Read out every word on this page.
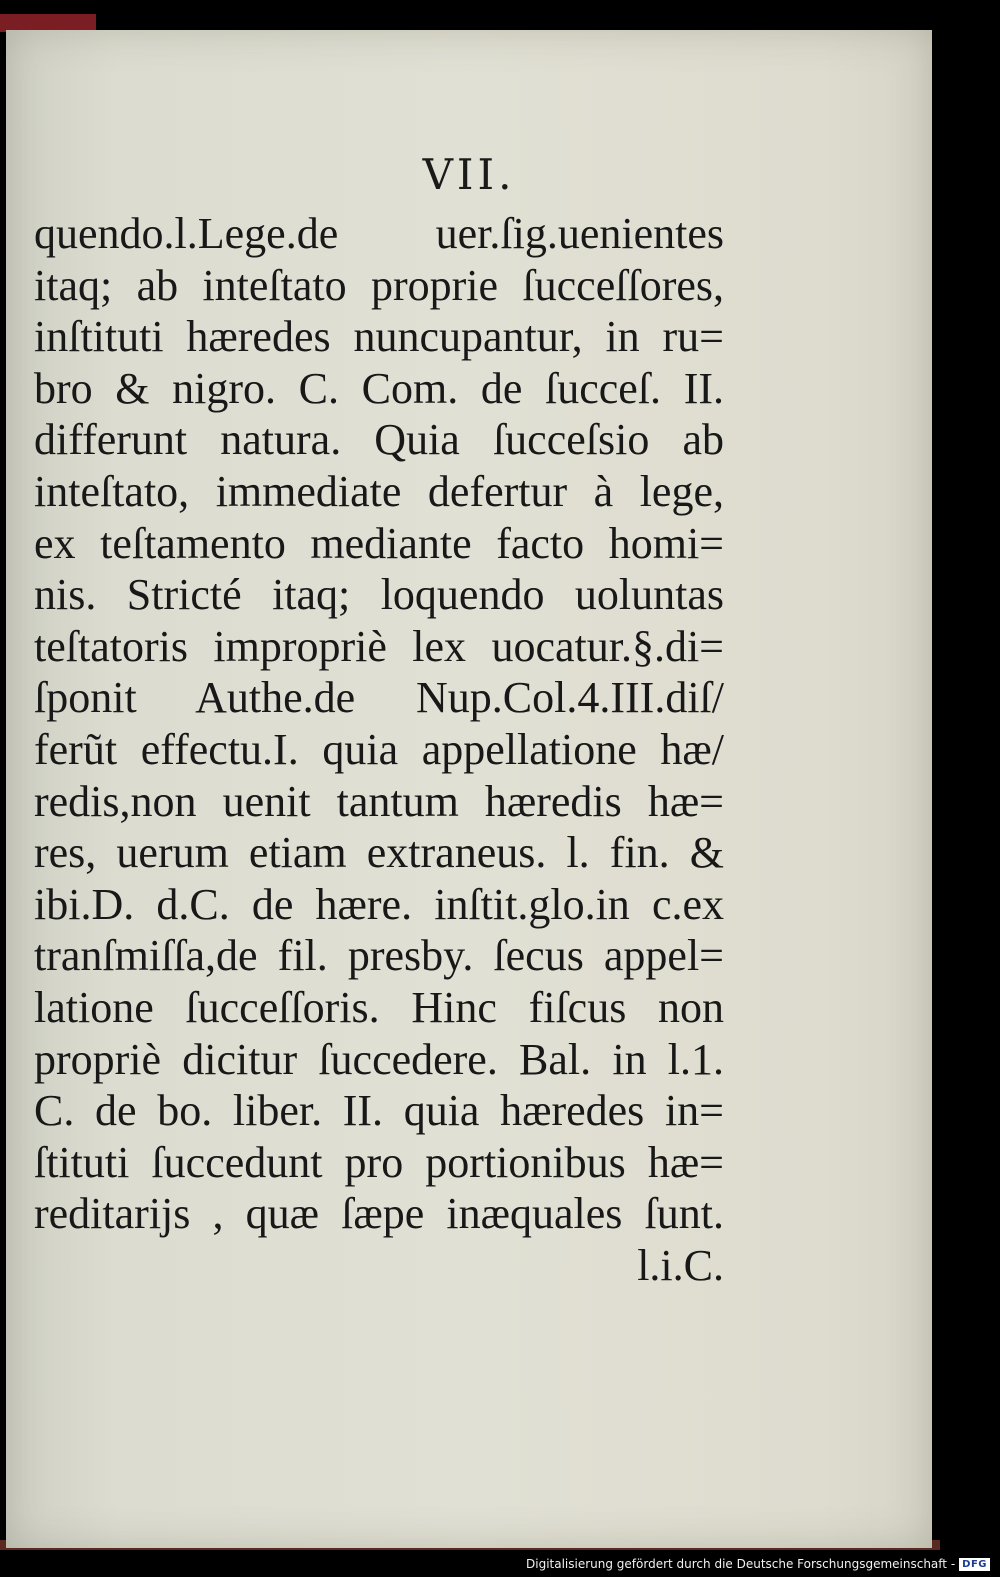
VII.
quendo.l.Lege.de uer.ſig.uenientes
itaq; ab inteſtato proprie ſucceſſores,
inſtituti hæredes nuncupantur, in ru=
bro & nigro. C. Com. de ſucceſ. II.
differunt natura. Quia ſucceſsio ab
inteſtato, immediate defertur à lege,
ex teſtamento mediante facto homi=
nis. Stricté itaq; loquendo uoluntas
teſtatoris impropriè lex uocatur.§.di=
ſponit Authe.de Nup.Col.4.III.diſ/
ferũt effectu.I. quia appellatione hæ/
redis,non uenit tantum hæredis hæ=
res, uerum etiam extraneus. l. fin. &
ibi.D. d.C. de hære. inſtit.glo.in c.ex
tranſmiſſa,de fil. presby. ſecus appel=
latione ſucceſſoris. Hinc fiſcus non
propriè dicitur ſuccedere. Bal. in l.1.
C. de bo. liber. II. quia hæredes in=
ſtituti ſuccedunt pro portionibus hæ=
reditarijs , quæ ſæpe inæquales ſunt.
l.i.C.
Digitalisierung gefördert durch die Deutsche Forschungsgemeinschaft - DFG
